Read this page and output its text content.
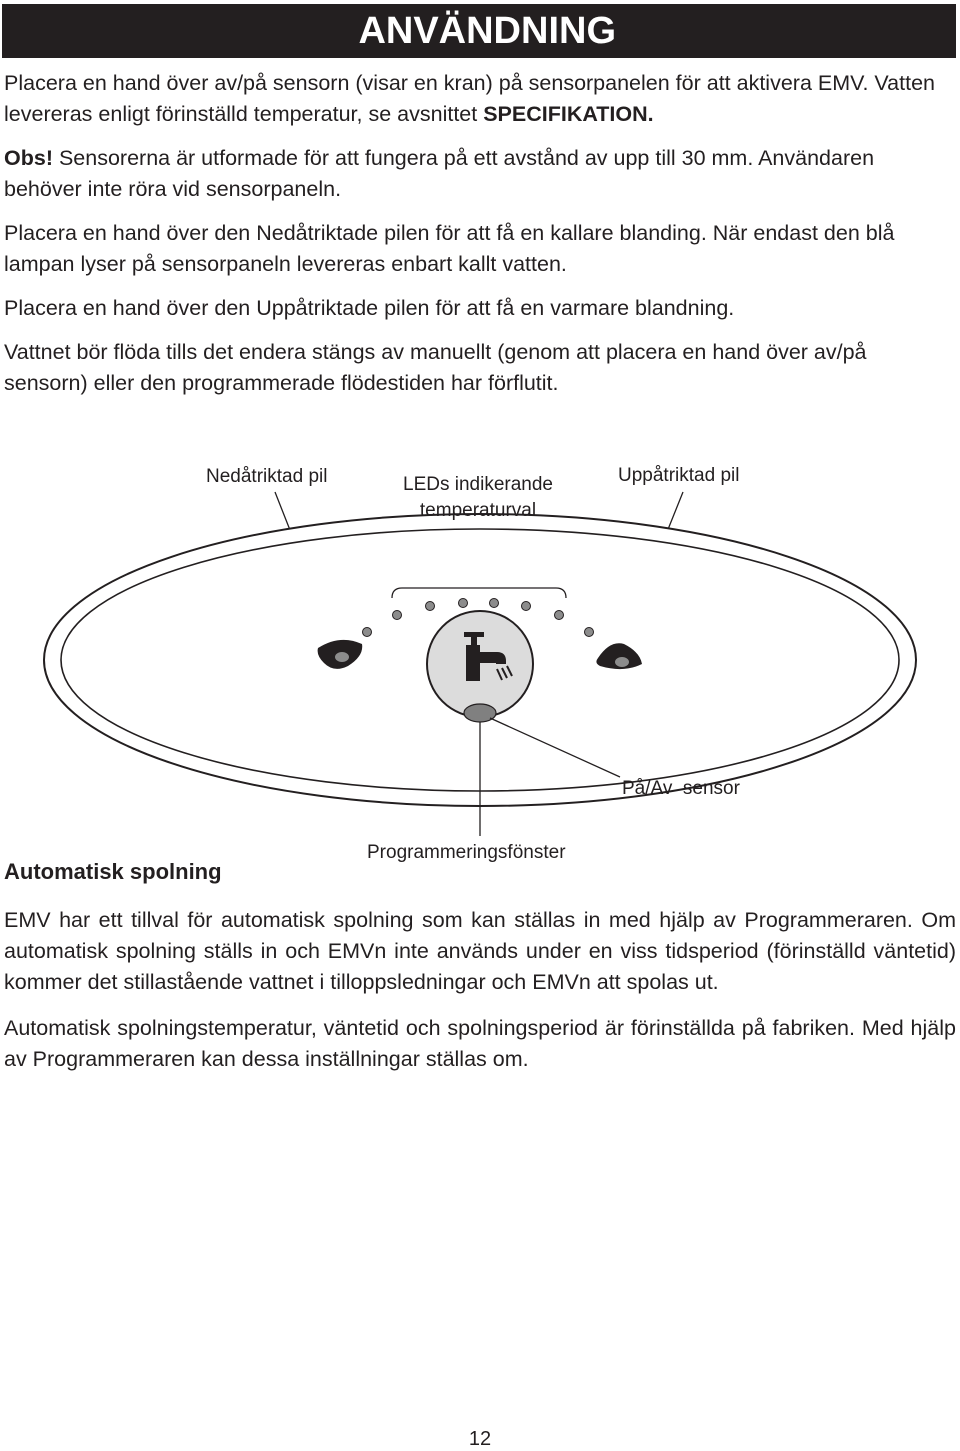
ANVÄNDNING

Placera en hand över av/på sensorn (visar en kran) på sensorpanelen för att aktivera EMV. Vatten levereras enligt förinställd temperatur, se avsnittet SPECIFIKATION.

Obs! Sensorerna är utformade för att fungera på ett avstånd av upp till 30 mm. Användaren behöver inte röra vid sensorpaneln.

Placera en hand över den Nedåtriktade pilen för att få en kallare blanding. När endast den blå lampan lyser på sensorpaneln levereras enbart kallt vatten.

Placera en hand över den Uppåtriktade pilen för att få en varmare blandning.

Vattnet bör flöda tills det endera stängs av manuellt (genom att placera en hand över av/på sensorn) eller den programmerade flödestiden har förflutit.

Nedåtriktad pil	LEDs indikerande
temperaturval
Uppåtriktad pil
På/Av  sensor
Programmeringsfönster
Automatisk spolning

EMV har ett tillval för automatisk spolning som kan ställas in med hjälp av Programmeraren. Om automatisk spolning ställs in och EMVn inte används under en viss tidsperiod (förinställd väntetid) kommer det stillastående vattnet i tilloppsledningar och EMVn att spolas ut.

Automatisk spolningstemperatur, väntetid och spolningsperiod är förinställda på fabriken. Med hjälp av Programmeraren kan dessa inställningar ställas om.

12
